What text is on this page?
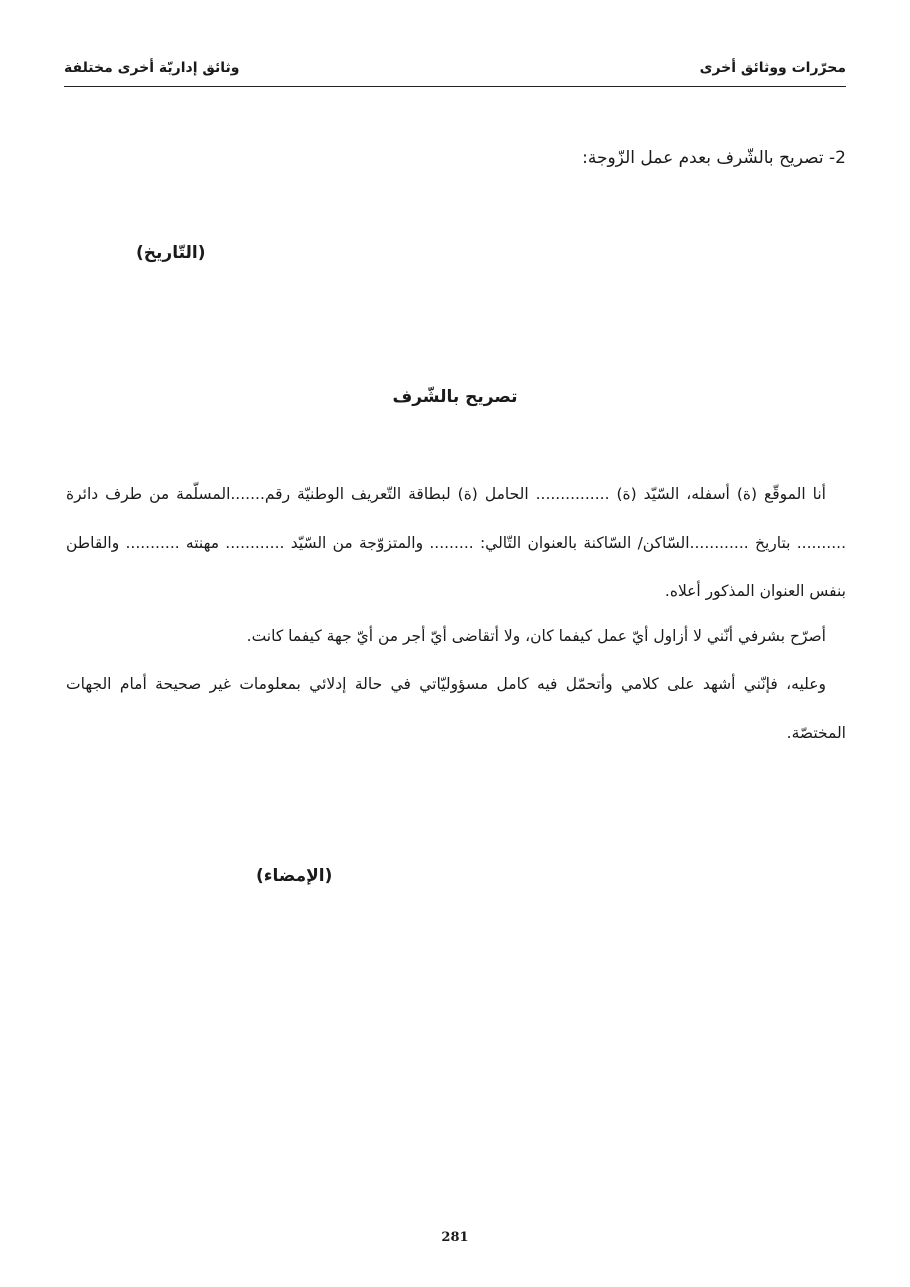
محرّرات ووثائق أخرى
وثائق إداريّة أخرى مختلفة
2- تصريح بالشّرف بعدم عمل الزّوجة:
(التّاريخ)
تصريح بالشّرف
أنا الموقّع (ة) أسفله، السّيّد (ة) ............... الحامل (ة) لبطاقة التّعريف الوطنيّة رقم.......المسلّمة من طرف دائرة .......... بتاريخ ............السّاكن/ السّاكنة بالعنوان التّالي: ......... والمتزوّجة من السّيّد ............ مهنته ........... والقاطن بنفس العنوان المذكور أعلاه.
أصرّح بشرفي أنّني لا أزاول أيّ عمل كيفما كان، ولا أتقاضى أيّ أجر من أيّ جهة كيفما كانت.
وعليه، فإنّني أشهد على كلامي وأتحمّل فيه كامل مسؤوليّاتي في حالة إدلائي بمعلومات غير صحيحة أمام الجهات المختصّة.
(الإمضاء)
281
